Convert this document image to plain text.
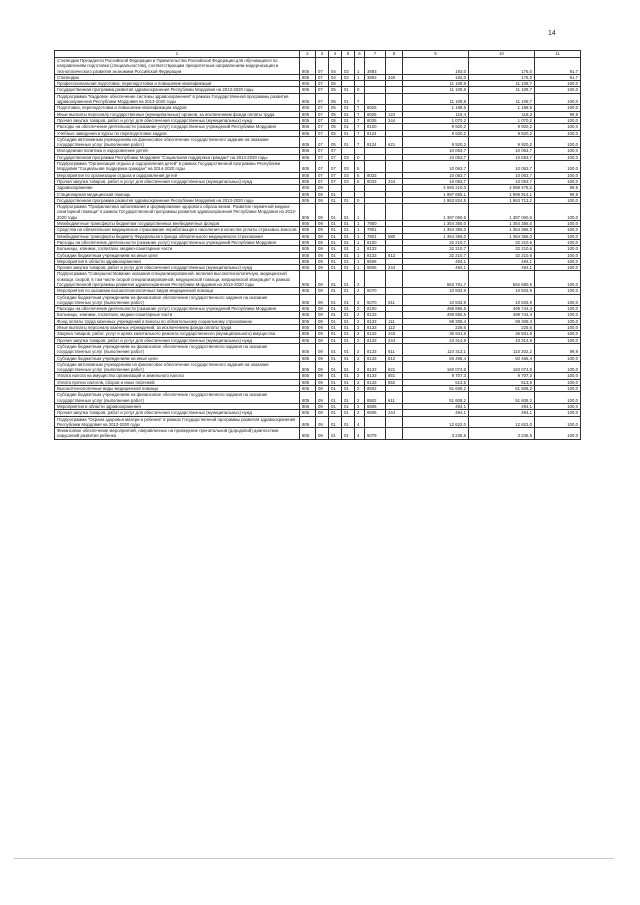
14
1	2	3	4	5	6	7	8	9	10	11
Стипендии Президента Российской Федерации и Правительства Российской Федерации для обучающихся по направлениям подготовки (специальностям), соответствующим приоритетным направлениям модернизации и технологического развития экономики Российской Федерации	805	07	04	02	1	3893		192,0	176,0	91,7
Стипендии	805	07	04	02	1	3893	340	192,0	176,0	91,7
Профессиональная подготовка, переподготовка и повышение квалификации	805	07	05					11 108,8	11 108,7	100,0
Государственная программа развития здравоохранения Республики Мордовия на 2013-2020 годы	805	07	05	01	0			11 108,8	11 108,7	100,0
Подпрограмма "Кадровое обеспечение системы здравоохранения" в рамках Государственной программы развития здравоохранения Республики Мордовия на 2013-2020 годы	805	07	05	01	7			11 108,8	11 108,7	100,0
Подготовка, переподготовка и повышение квалификации кадров	805	07	05	01	7	8025		1 188,6	1 188,5	100,0
Иные выплаты персоналу государственных (муниципальных) органов, за исключением фонда оплаты труда	805	07	05	01	7	8025	122	118,4	118,3	99,9
Прочая закупка товаров, работ и услуг для обеспечения государственных (муниципальных) нужд	805	07	05	01	7	8025	244	1 070,2	1 070,2	100,0
Расходы на обеспечение деятельности (оказание услуг) государственных учреждений Республики Мордовия	805	07	05	01	7	8100		9 920,2	9 920,2	100,0
Учебные заведения и курсы по переподготовке кадров	805	07	05	01	7	8124		9 920,2	9 920,2	100,0
Субсидии автономным учреждениям на финансовое обеспечение государственного задания на оказание государственных услуг (выполнение работ)	805	07	05	01	7	8124	621	9 920,2	9 920,2	100,0
Молодежная политика и оздоровление детей	805	07	07					10 063,7	10 063,7	100,0
Государственная программа Республики Мордовия "Социальная поддержка граждан" на 2014-2020 годы	805	07	07	03	0			10 063,7	10 063,7	100,0
Подпрограмма "Организация отдыха и оздоровления детей" в рамках Государственной программы Республики Мордовия "Социальная поддержка граждан" на 2014-2020 годы	805	07	07	03	5			10 063,7	10 063,7	100,0
Мероприятия по организации отдыха и оздоровления детей	805	07	07	03	5	8033		10 063,7	10 063,7	100,0
Прочая закупка товаров, работ и услуг для обеспечения государственных (муниципальных) нужд	805	07	07	03	5	8033	244	10 063,7	10 063,7	100,0
Здравоохранение	805	09						4 693 210,0	4 689 478,2	99,9
Стационарная медицинская помощь	805	09	01					1 997 655,1	1 996 914,1	99,9
Государственная программа развития здравоохранения Республики Мордовия на 2013-2020 годы	805	09	01	01	0			1 963 824,5	1 963 713,2	100,0
Подпрограмма "Профилактика заболеваний и формирование здорового образа жизни. Развитие первичной медико-санитарной помощи" в рамках Государственной программы развития здравоохранения Республики Мордовия на 2013-2020 годы	805	09	01	01	1			1 387 060,6	1 387 060,6	100,0
Межбюджетные трансферты бюджетам государственных внебюджетных фондов	805	09	01	01	1	7900		1 354 356,0	1 354 356,0	100,0
Средства на обязательное медицинское страхование неработающего населения в качестве уплаты страховых взносов	805	09	01	01	1	7901		1 354 356,0	1 354 356,0	100,0
Межбюджетные трансферты бюджету Федерального фонда обязательного медицинского страхования	805	09	01	01	1	7901	580	1 354 356,0	1 354 356,0	100,0
Расходы на обеспечение деятельности (оказание услуг) государственных учреждений Республики Мордовия	805	09	01	01	1	8100		32 210,7	32 210,6	100,0
Больницы, клиники, госпитали, медико-санитарные части	805	09	01	01	1	8133		32 210,7	32 210,6	100,0
Субсидии бюджетным учреждениям на иные цели	805	09	01	01	1	8133	612	32 210,7	32 210,6	100,0
Мероприятия в области здравоохранения	805	09	01	01	1	8606		494,1	494,1	100,0
Прочая закупка товаров, работ и услуг для обеспечения государственных (муниципальных) нужд	805	09	01	01	1	8606	244	494,1	494,1	100,0
Подпрограмма "Совершенствование оказания специализированной, включая высокотехнологичную, медицинской помощи, скорой, в том числе скорой специализированной, медицинской помощи, медицинской эвакуации" в рамках Государственной программы развития здравоохранения Республики Мордовия на 2013-2020 годы	805	09	01	01	2			562 791,7	562 680,6	100,0
Мероприятия по оказанию высокотехнологичных видов медицинской помощи	805	09	01	01	2	5070		10 833,9	10 833,9	100,0
Субсидии бюджетным учреждениям на финансовое обеспечение государственного задания на оказание государственных услуг (выполнение работ)	805	09	01	01	2	5070	611	10 833,9	10 833,9	100,0
Расходы на обеспечение деятельности (оказание услуг) государственных учреждений Республики Мордовия	805	09	01	01	2	8100		499 855,5	499 744,4	100,0
Больницы, клиники, госпитали, медико-санитарные части	805	09	01	01	2	8133		499 855,5	499 744,4	100,0
Фонд оплаты труда казенных учреждений и взносы по обязательному социальному страхованию	805	09	01	01	2	8133	111	98 308,4	98 308,4	100,0
Иные выплаты персоналу казенных учреждений, за исключением фонда оплаты труда	805	09	01	01	2	8133	112	226,6	226,6	100,0
Закупка товаров, работ, услуг в целях капитального ремонта государственного (муниципального) имущества	805	09	01	01	2	8133	243	36 931,6	36 931,6	100,0
Прочая закупка товаров, работ и услуг для обеспечения государственных (муниципальных) нужд	805	09	01	01	2	8133	244	43 314,8	43 314,8	100,0
Субсидии бюджетным учреждениям на финансовое обеспечение государственного задания на оказание государственных услуг (выполнение работ)	805	09	01	01	2	8133	611	110 313,1	110 202,2	99,9
Субсидии бюджетным учреждениям на иные цели	805	09	01	01	2	8133	612	50 465,4	50 465,4	100,0
Субсидии автономным учреждениям на финансовое обеспечение государственного задания на оказание государственных услуг (выполнение работ)	805	09	01	01	2	8133	621	160 074,8	160 074,8	100,0
Уплата налога на имущество организаций и земельного налога	805	09	01	01	2	8133	851	9 707,3	9 707,3	100,0
Уплата прочих налогов, сборов и иных платежей	805	09	01	01	2	8133	852	513,5	513,5	100,0
Высокотехнологичные виды медицинской помощи	805	09	01	01	2	8502		51 608,2	51 608,2	100,0
Субсидии бюджетным учреждениям на финансовое обеспечение государственного задания на оказание государственных услуг (выполнение работ)	805	09	01	01	2	8502	611	51 608,2	51 608,2	100,0
Мероприятия в области здравоохранения	805	09	01	01	2	8606		494,1	494,1	100,0
Прочая закупка товаров, работ и услуг для обеспечения государственных (муниципальных) нужд	805	09	01	01	2	8606	244	494,1	494,1	100,0
Подпрограмма "Охрана здоровья матери и ребенка" в рамках Государственной программы развития здравоохранения Республики Мордовия на 2013-2020 годы	805	09	01	01	4			12 622,0	12 622,0	100,0
Финансовое обеспечение мероприятий, направленных на проведение пренатальной (дородовой) диагностики нарушений развития ребенка	805	09	01	01	4	5079		3 236,5	3 236,5	100,0
